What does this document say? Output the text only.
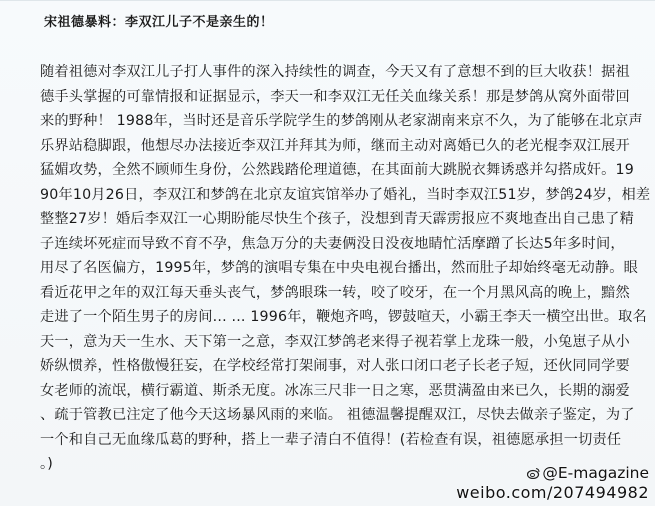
宋祖德暴料：李双江儿子不是亲生的！
随着祖德对李双江儿子打人事件的深入持续性的调查，今天又有了意想不到的巨大收获！据祖
德手头掌握的可靠情报和证据显示，李天一和李双江无任关血缘关系！那是梦鸽从窝外面带回
来的野种！ 1988年，当时还是音乐学院学生的梦鸽刚从老家湖南来京不久，为了能够在北京声
乐界站稳脚跟，他想尽办法接近李双江并拜其为师，继而主动对离婚已久的老光棍李双江展开
猛媚攻势，全然不顾师生身份，公然践踏伦理道德，在其面前大跳脱衣舞诱惑并勾搭成奸。19
90年10月26日，李双江和梦鸽在北京友谊宾馆举办了婚礼，当时李双江51岁，梦鸽24岁，相差
整整27岁！婚后李双江一心期盼能尽快生个孩子，没想到青天霹雳报应不爽地查出自己患了精
子连续坏死症而导致不育不孕，焦急万分的夫妻俩没日没夜地睛忙活摩蹭了长达5年多时间，
用尽了名医偏方，1995年，梦鸽的演唱专集在中央电视台播出，然而肚子却始终毫无动静。眼
看近花甲之年的双江每天垂头丧气，梦鸽眼珠一转，咬了咬牙，在一个月黑风高的晚上，黯然
走进了一个陌生男子的房间... ... 1996年，鞭炮齐鸣，锣鼓喧天，小霸王李天一横空出世。取名
天一，意为天一生水、天下第一之意，李双江梦鸽老来得子视若掌上龙珠一般，小兔崽子从小
娇纵惯养，性格傲慢狂妄，在学校经常打架闹事，对人张口闭口老子长老子短，还伙同同学要
女老师的流氓，横行霸道、斯杀无度。冰冻三尺非一日之寒，恶贯满盈由来已久，长期的溺爱
、疏于管教已注定了他今天这场暴风雨的来临。 祖德温馨提醒双江，尽快去做亲子鉴定，为了
一个和自己无血缘瓜葛的野种，搭上一辈子清白不值得！(若检查有误，祖德愿承担一切责任
。)	@E-magazine
weibo.com/207494982
